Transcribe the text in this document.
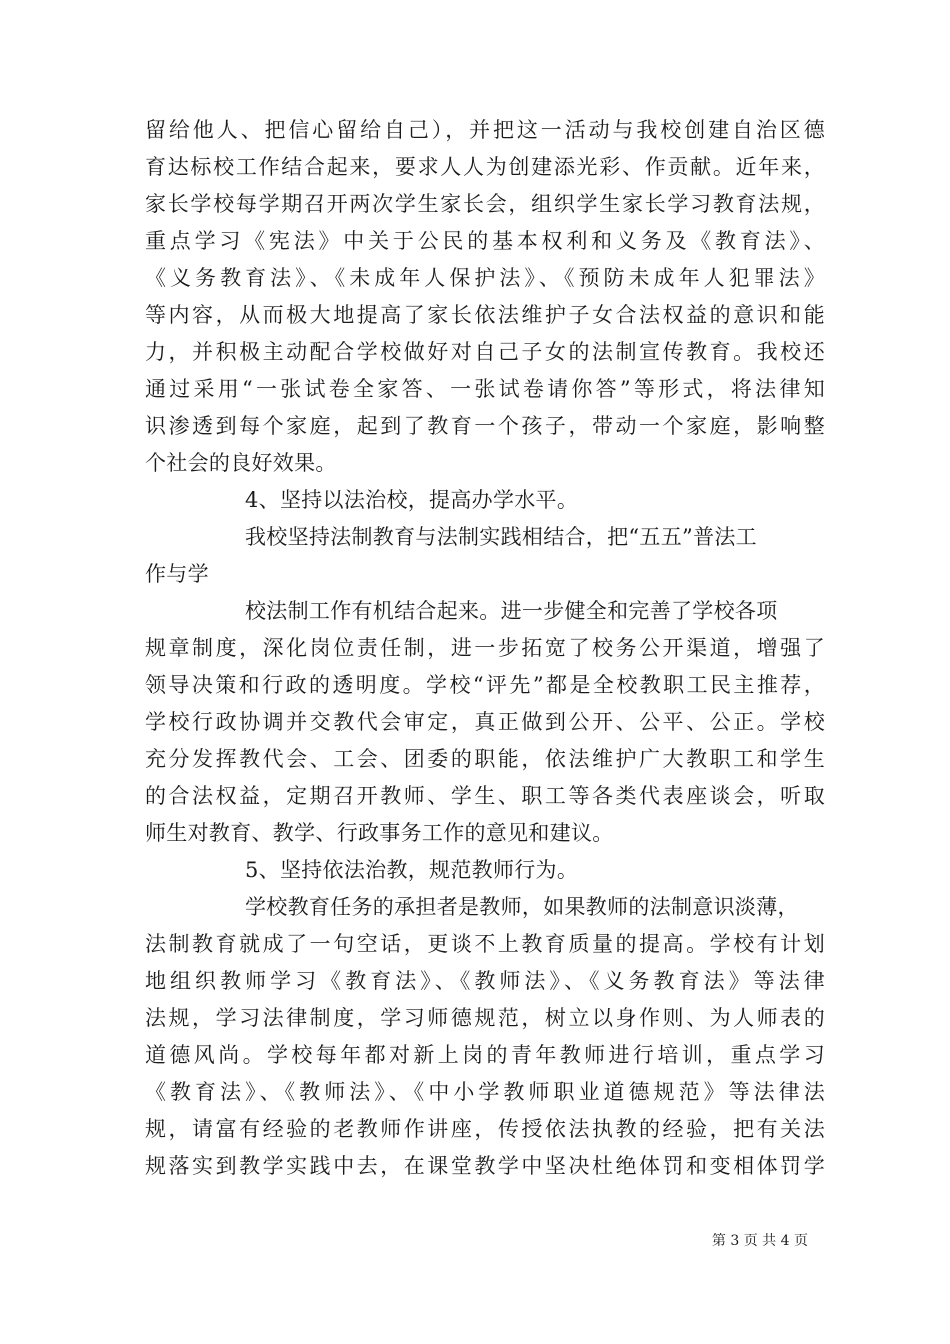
留给他人、把信心留给自己），并把这一活动与我校创建自治区德
育达标校工作结合起来，要求人人为创建添光彩、作贡献。近年来，
家长学校每学期召开两次学生家长会，组织学生家长学习教育法规，
重点学习《宪法》中关于公民的基本权利和义务及《教育法》、
《义务教育法》、《未成年人保护法》、《预防未成年人犯罪法》
等内容，从而极大地提高了家长依法维护子女合法权益的意识和能
力，并积极主动配合学校做好对自己子女的法制宣传教育。我校还
通过采用“一张试卷全家答、一张试卷请你答”等形式，将法律知
识渗透到每个家庭，起到了教育一个孩子，带动一个家庭，影响整
个社会的良好效果。
4、坚持以法治校，提高办学水平。
我校坚持法制教育与法制实践相结合，把“五五”普法工
作与学
校法制工作有机结合起来。进一步健全和完善了学校各项
规章制度，深化岗位责任制，进一步拓宽了校务公开渠道，增强了
领导决策和行政的透明度。学校“评先”都是全校教职工民主推荐，
学校行政协调并交教代会审定，真正做到公开、公平、公正。学校
充分发挥教代会、工会、团委的职能，依法维护广大教职工和学生
的合法权益，定期召开教师、学生、职工等各类代表座谈会，听取
师生对教育、教学、行政事务工作的意见和建议。
5、坚持依法治教，规范教师行为。
学校教育任务的承担者是教师，如果教师的法制意识淡薄，
法制教育就成了一句空话，更谈不上教育质量的提高。学校有计划
地组织教师学习《教育法》、《教师法》、《义务教育法》等法律
法规，学习法律制度，学习师德规范，树立以身作则、为人师表的
道德风尚。学校每年都对新上岗的青年教师进行培训，重点学习
《教育法》、《教师法》、《中小学教师职业道德规范》等法律法
规，请富有经验的老教师作讲座，传授依法执教的经验，把有关法
规落实到教学实践中去，在课堂教学中坚决杜绝体罚和变相体罚学
第 3 页 共 4 页
